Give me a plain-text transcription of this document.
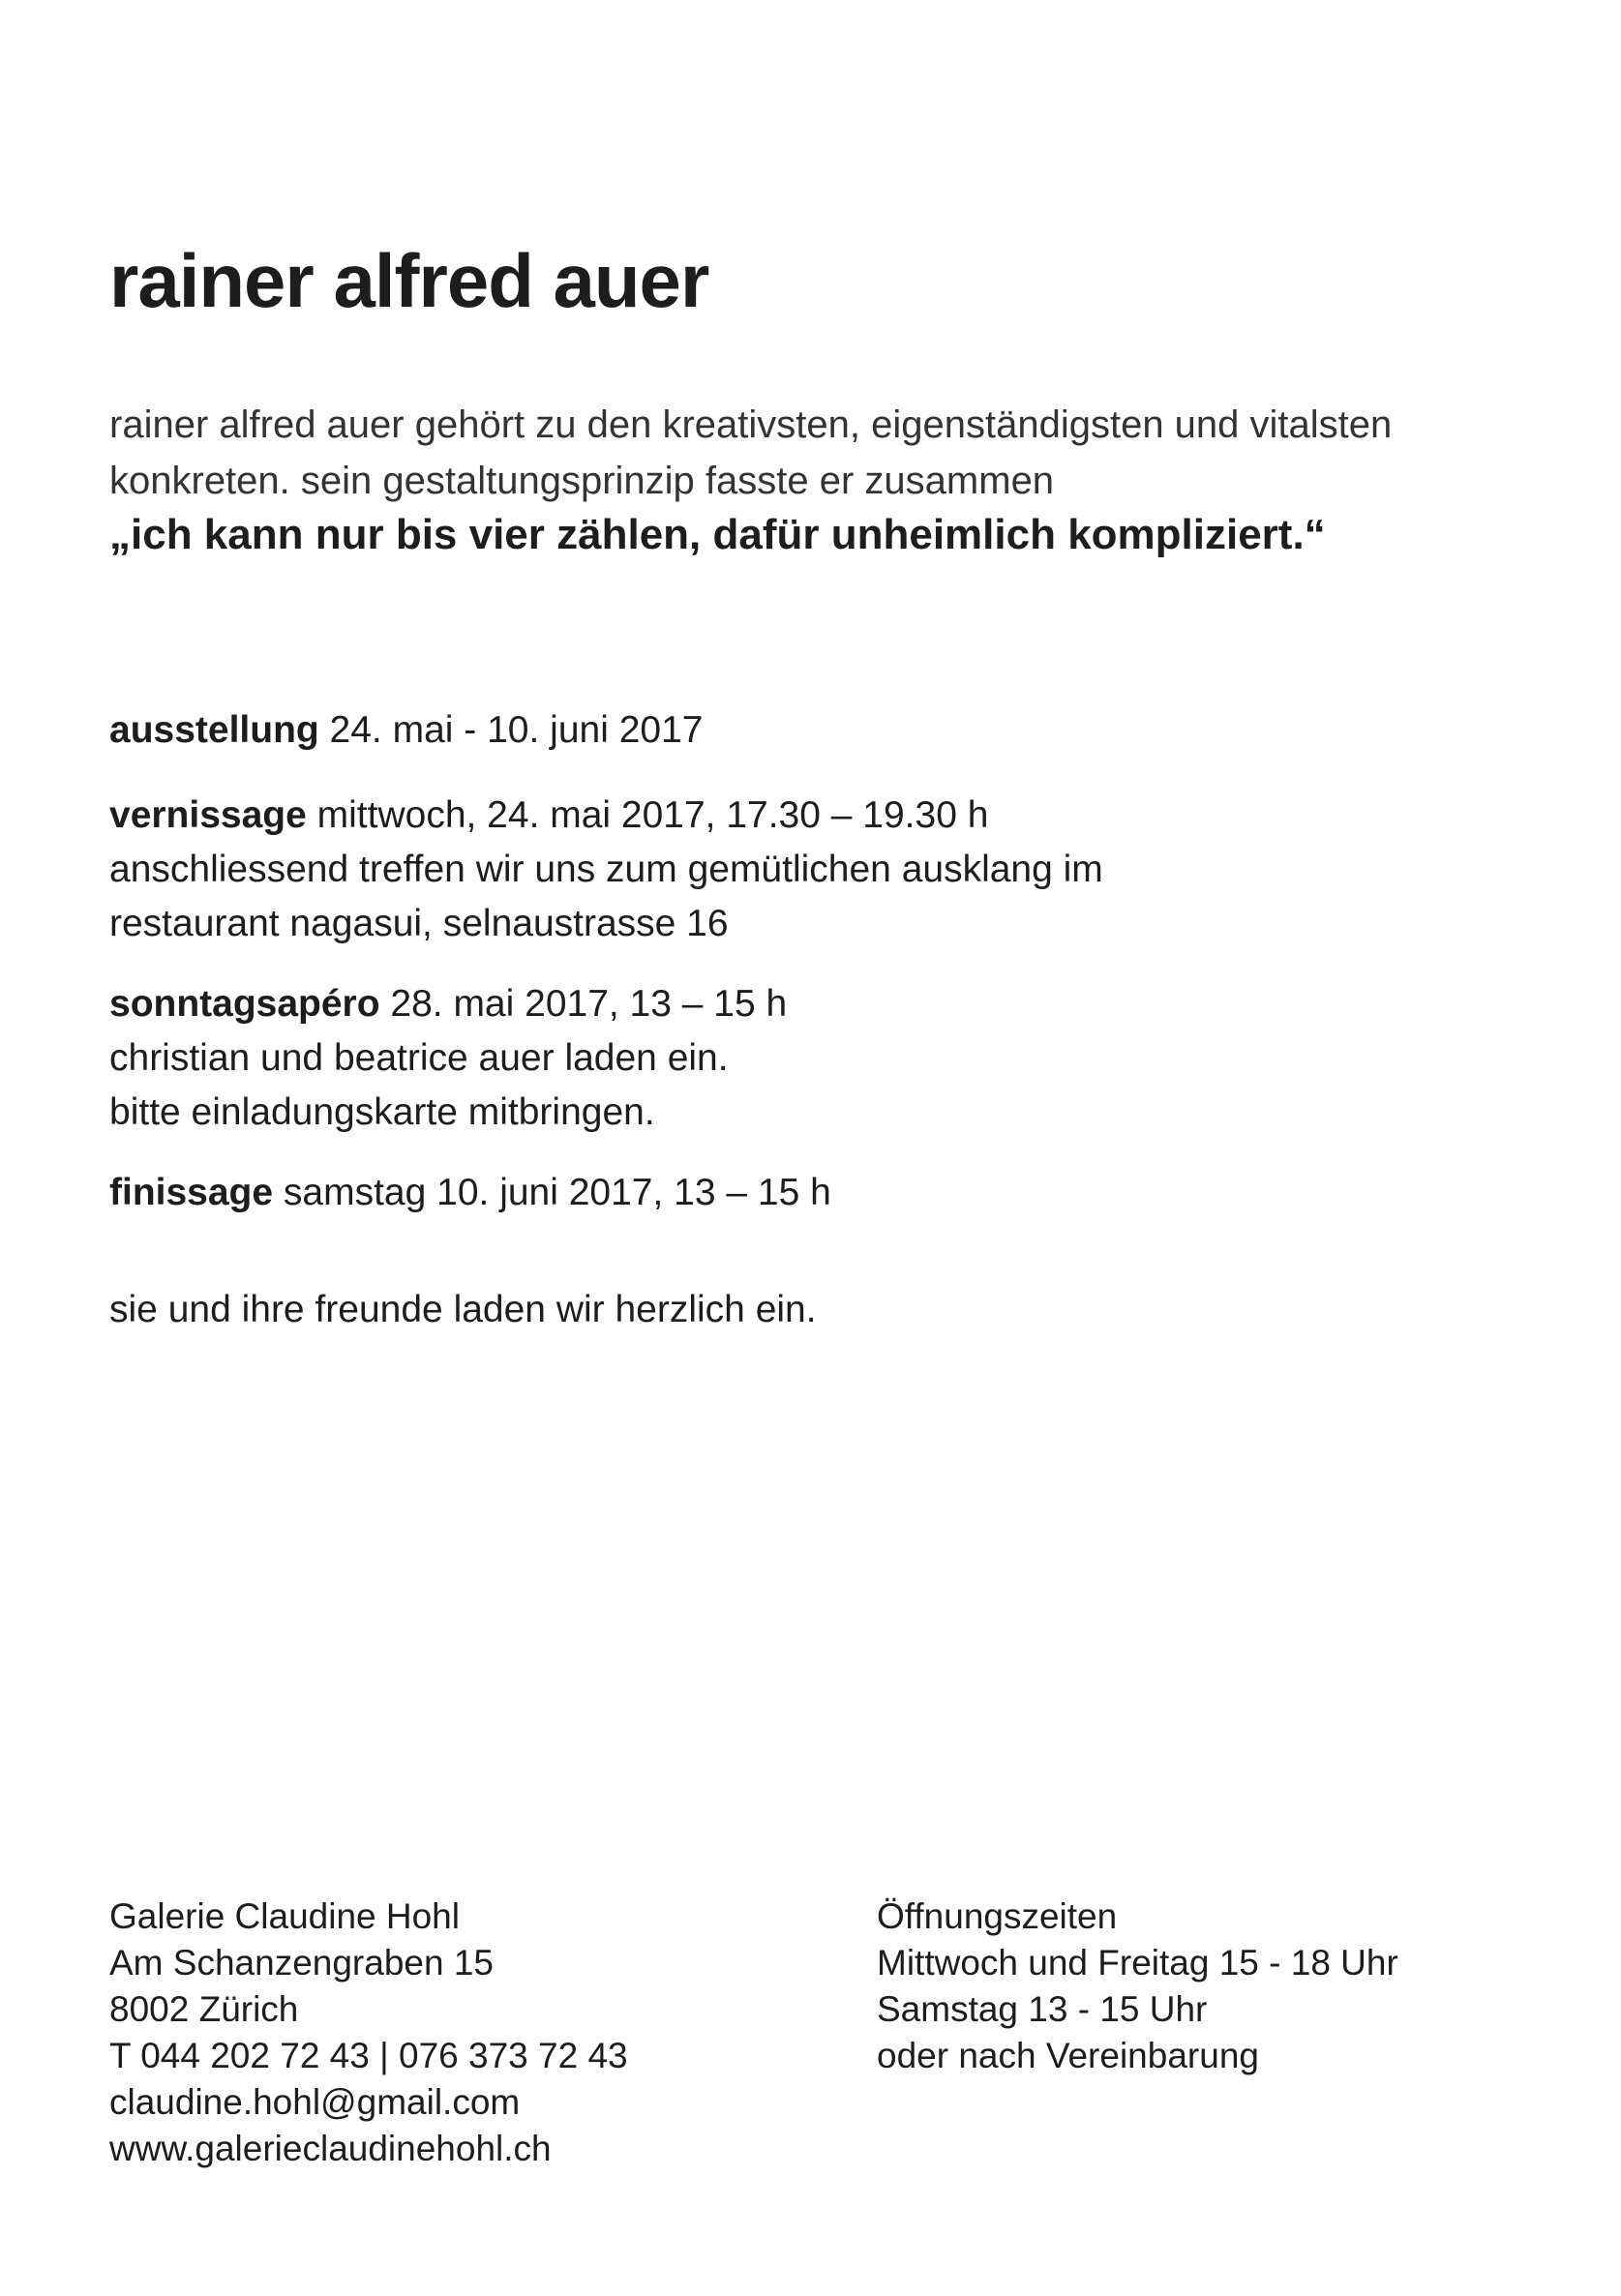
rainer alfred auer
rainer alfred auer gehört zu den kreativsten, eigenständigsten und vitalsten
konkreten. sein gestaltungsprinzip fasste er zusammen
„ich kann nur bis vier zählen, dafür unheimlich kompliziert.“
ausstellung 24. mai - 10. juni 2017
vernissage mittwoch, 24. mai 2017, 17.30 – 19.30 h
anschliessend treffen wir uns zum gemütlichen ausklang im
restaurant nagasui, selnaustrasse 16
sonntagsapéro 28. mai 2017, 13 – 15 h
christian und beatrice auer laden ein.
bitte einladungskarte mitbringen.
finissage samstag 10. juni 2017, 13 – 15 h
sie und ihre freunde laden wir herzlich ein.
Galerie Claudine Hohl
Am Schanzengraben 15
8002 Zürich
T 044 202 72 43 | 076 373 72 43
claudine.hohl@gmail.com
www.galerieclaudinehohl.ch
Öffnungszeiten
Mittwoch und Freitag 15 - 18 Uhr
Samstag 13 - 15 Uhr
oder nach Vereinbarung
